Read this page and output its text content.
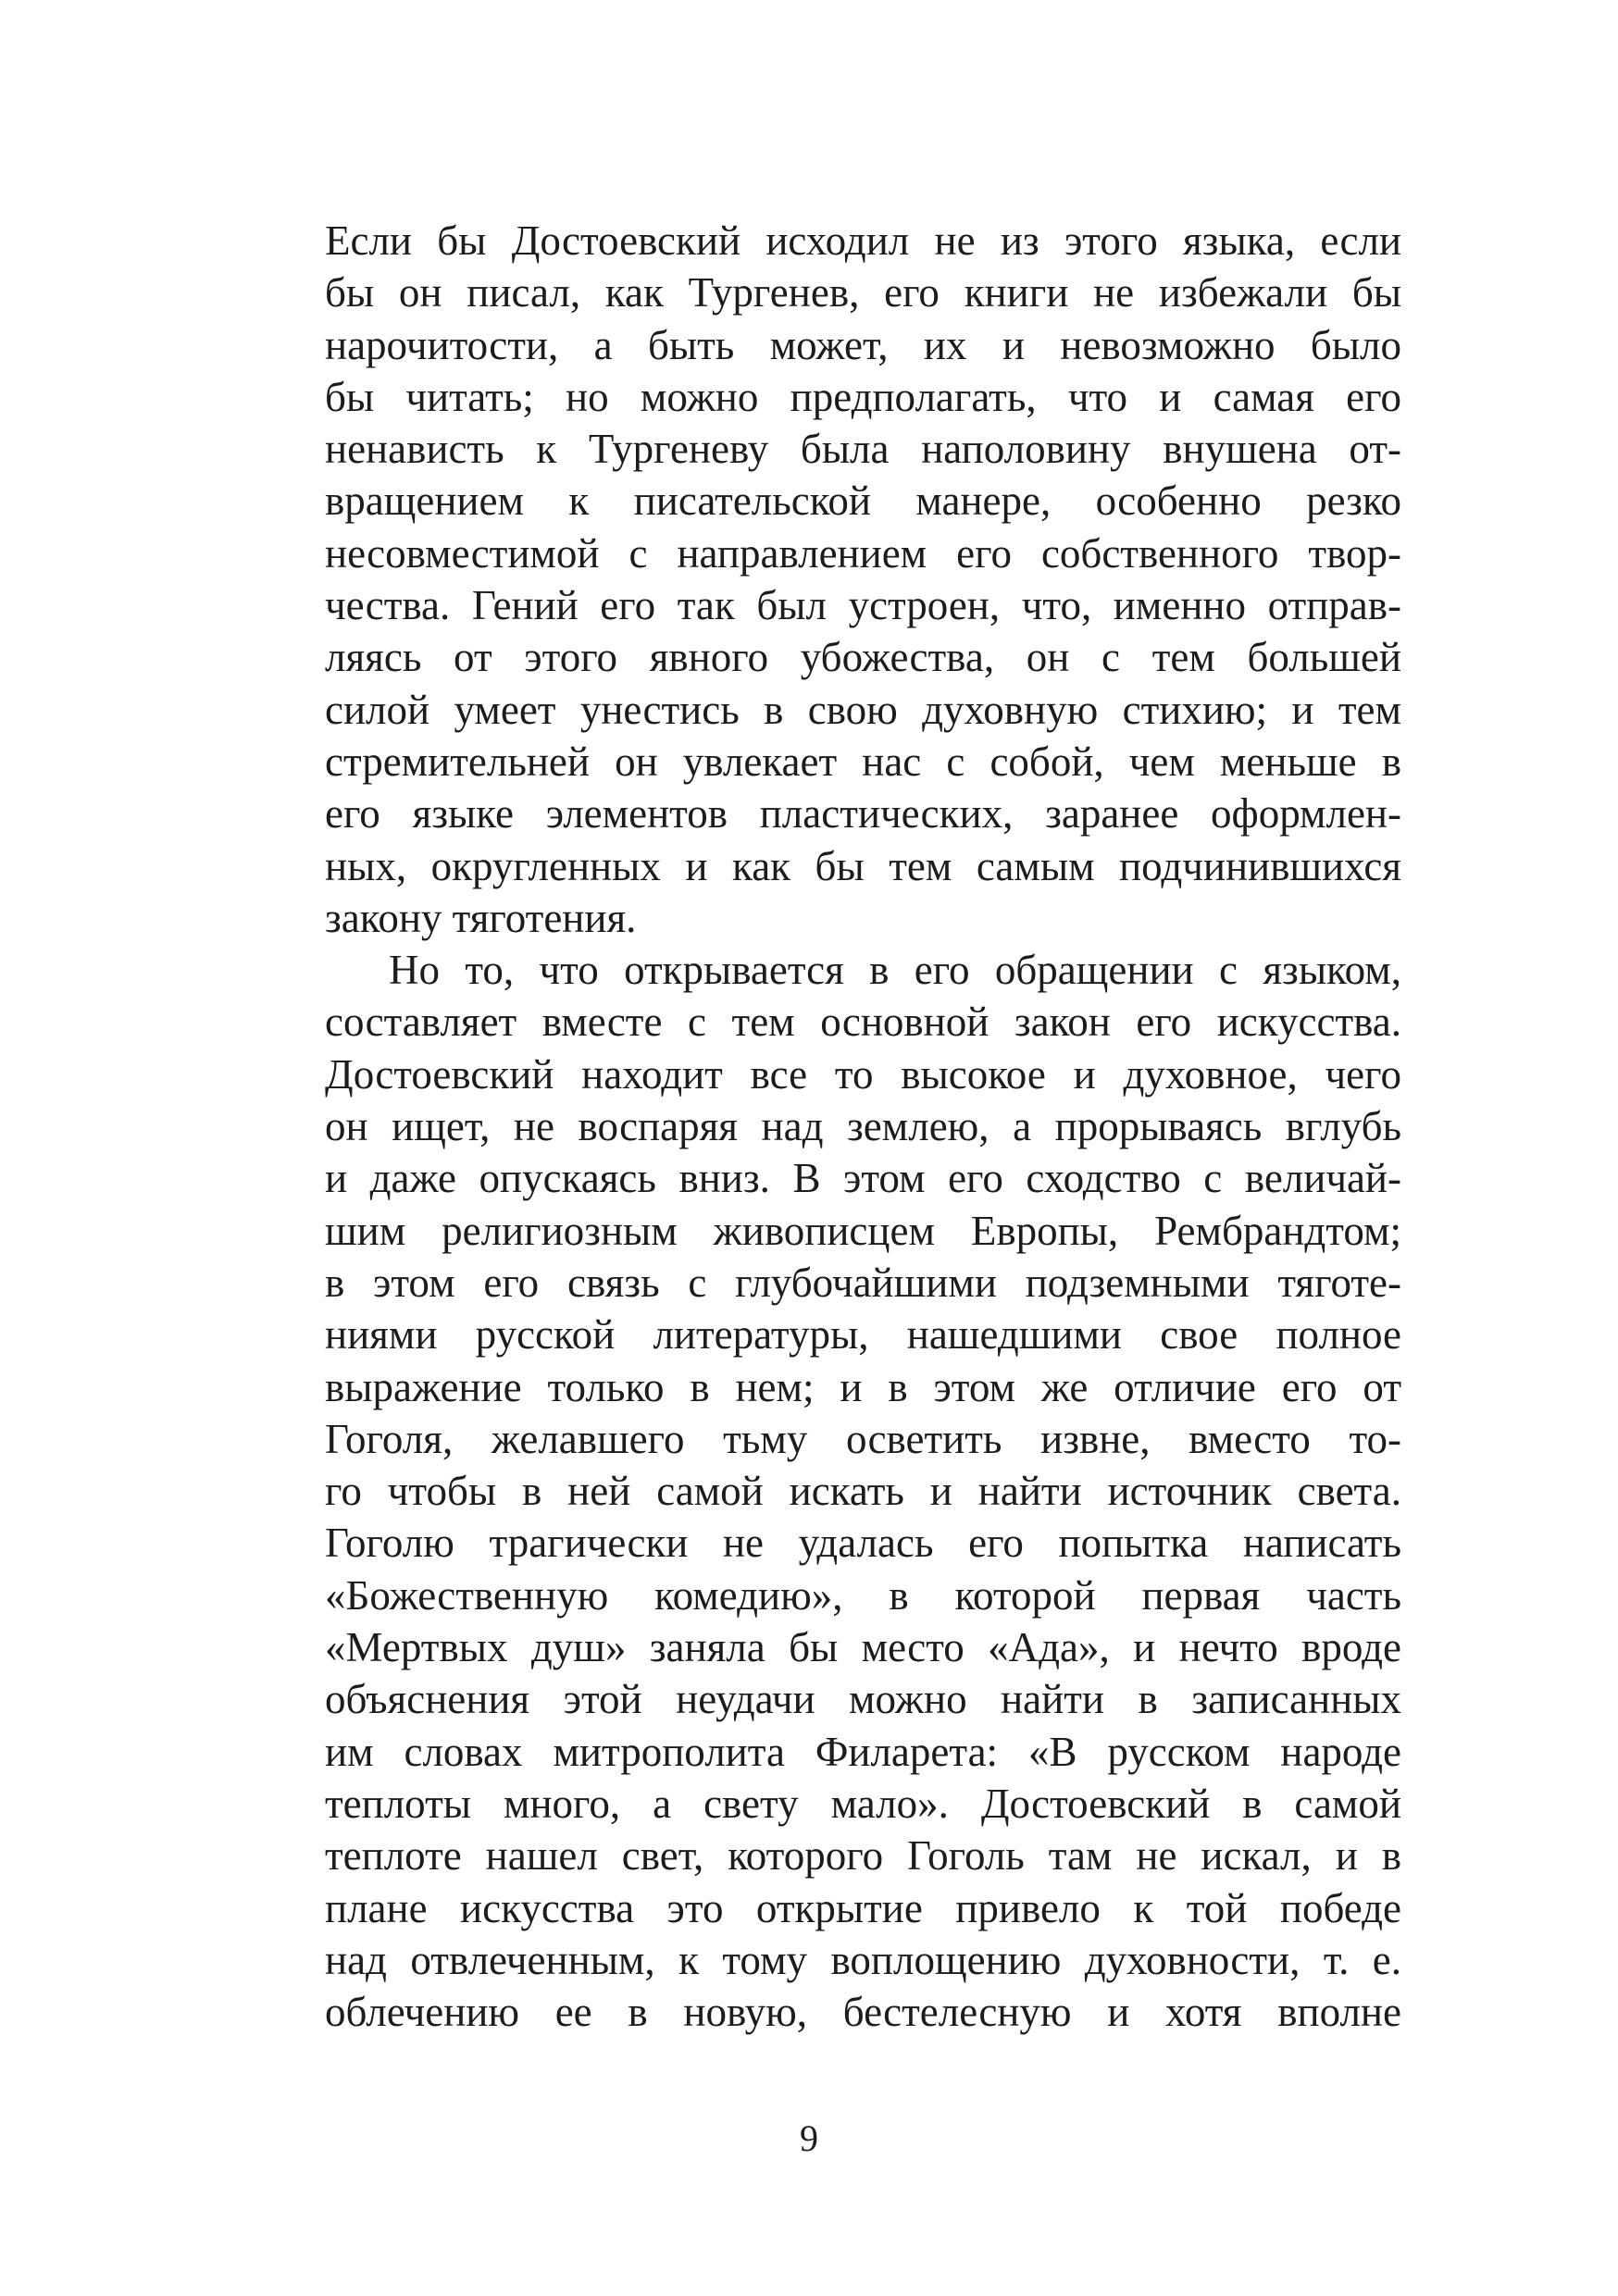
Если бы Достоевский исходил не из этого языка, если
бы он писал, как Тургенев, его книги не избежали бы
нарочитости, а быть может, их и невозможно было
бы читать; но можно предполагать, что и самая его
ненависть к Тургеневу была наполовину внушена от-
вращением к писательской манере, особенно резко
несовместимой с направлением его собственного твор-
чества. Гений его так был устроен, что, именно отправ-
ляясь от этого явного убожества, он с тем большей
силой умеет унестись в свою духовную стихию; и тем
стремительней он увлекает нас с собой, чем меньше в
его языке элементов пластических, заранее оформлен-
ных, округленных и как бы тем самым подчинившихся
закону тяготения.
Но то, что открывается в его обращении с языком,
составляет вместе с тем основной закон его искусства.
Достоевский находит все то высокое и духовное, чего
он ищет, не воспаряя над землею, а прорываясь вглубь
и даже опускаясь вниз. В этом его сходство с величай-
шим религиозным живописцем Европы, Рембрандтом;
в этом его связь с глубочайшими подземными тяготе-
ниями русской литературы, нашедшими свое полное
выражение только в нем; и в этом же отличие его от
Гоголя, желавшего тьму осветить извне, вместо то-
го чтобы в ней самой искать и найти источник света.
Гоголю трагически не удалась его попытка написать
«Божественную комедию», в которой первая часть
«Мертвых душ» заняла бы место «Ада», и нечто вроде
объяснения этой неудачи можно найти в записанных
им словах митрополита Филарета: «В русском народе
теплоты много, а свету мало». Достоевский в самой
теплоте нашел свет, которого Гоголь там не искал, и в
плане искусства это открытие привело к той победе
над отвлеченным, к тому воплощению духовности, т. е.
облечению ее в новую, бестелесную и хотя вполне
9
